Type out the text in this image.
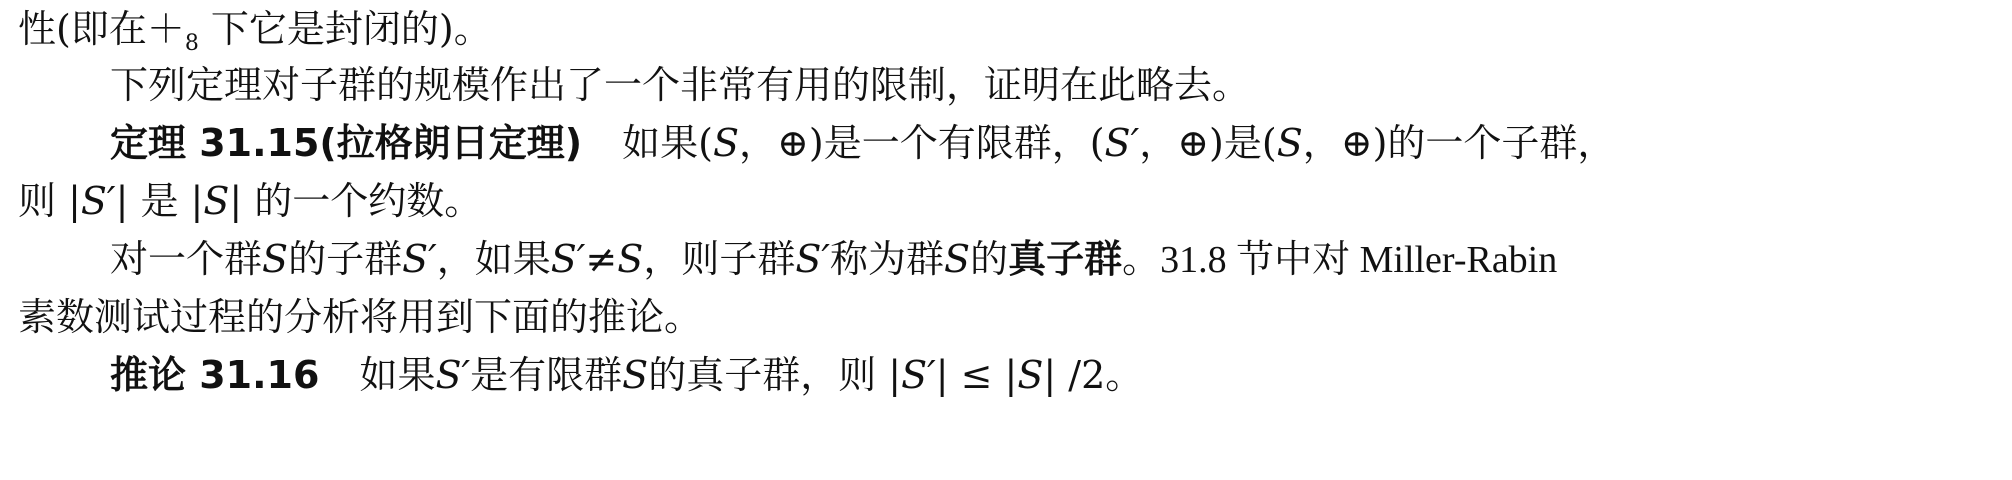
性(即在$+_8$ 下它是封闭的)。
下列定理对子群的规模作出了一个非常有用的限制，证明在此略去。
定理 31.15(拉格朗日定理) 如果(S，⊕)是一个有限群，(S′，⊕)是(S，⊕)的一个子群，
则 |S′| 是 |S| 的一个约数。
对一个群S的子群S′，如果S′≠S，则子群S′称为群S的真子群。31.8 节中对 Miller-Rabin
素数测试过程的分析将用到下面的推论。
推论 31.16 如果S′是有限群S的真子群，则 |S′| ≤ |S| /2。
